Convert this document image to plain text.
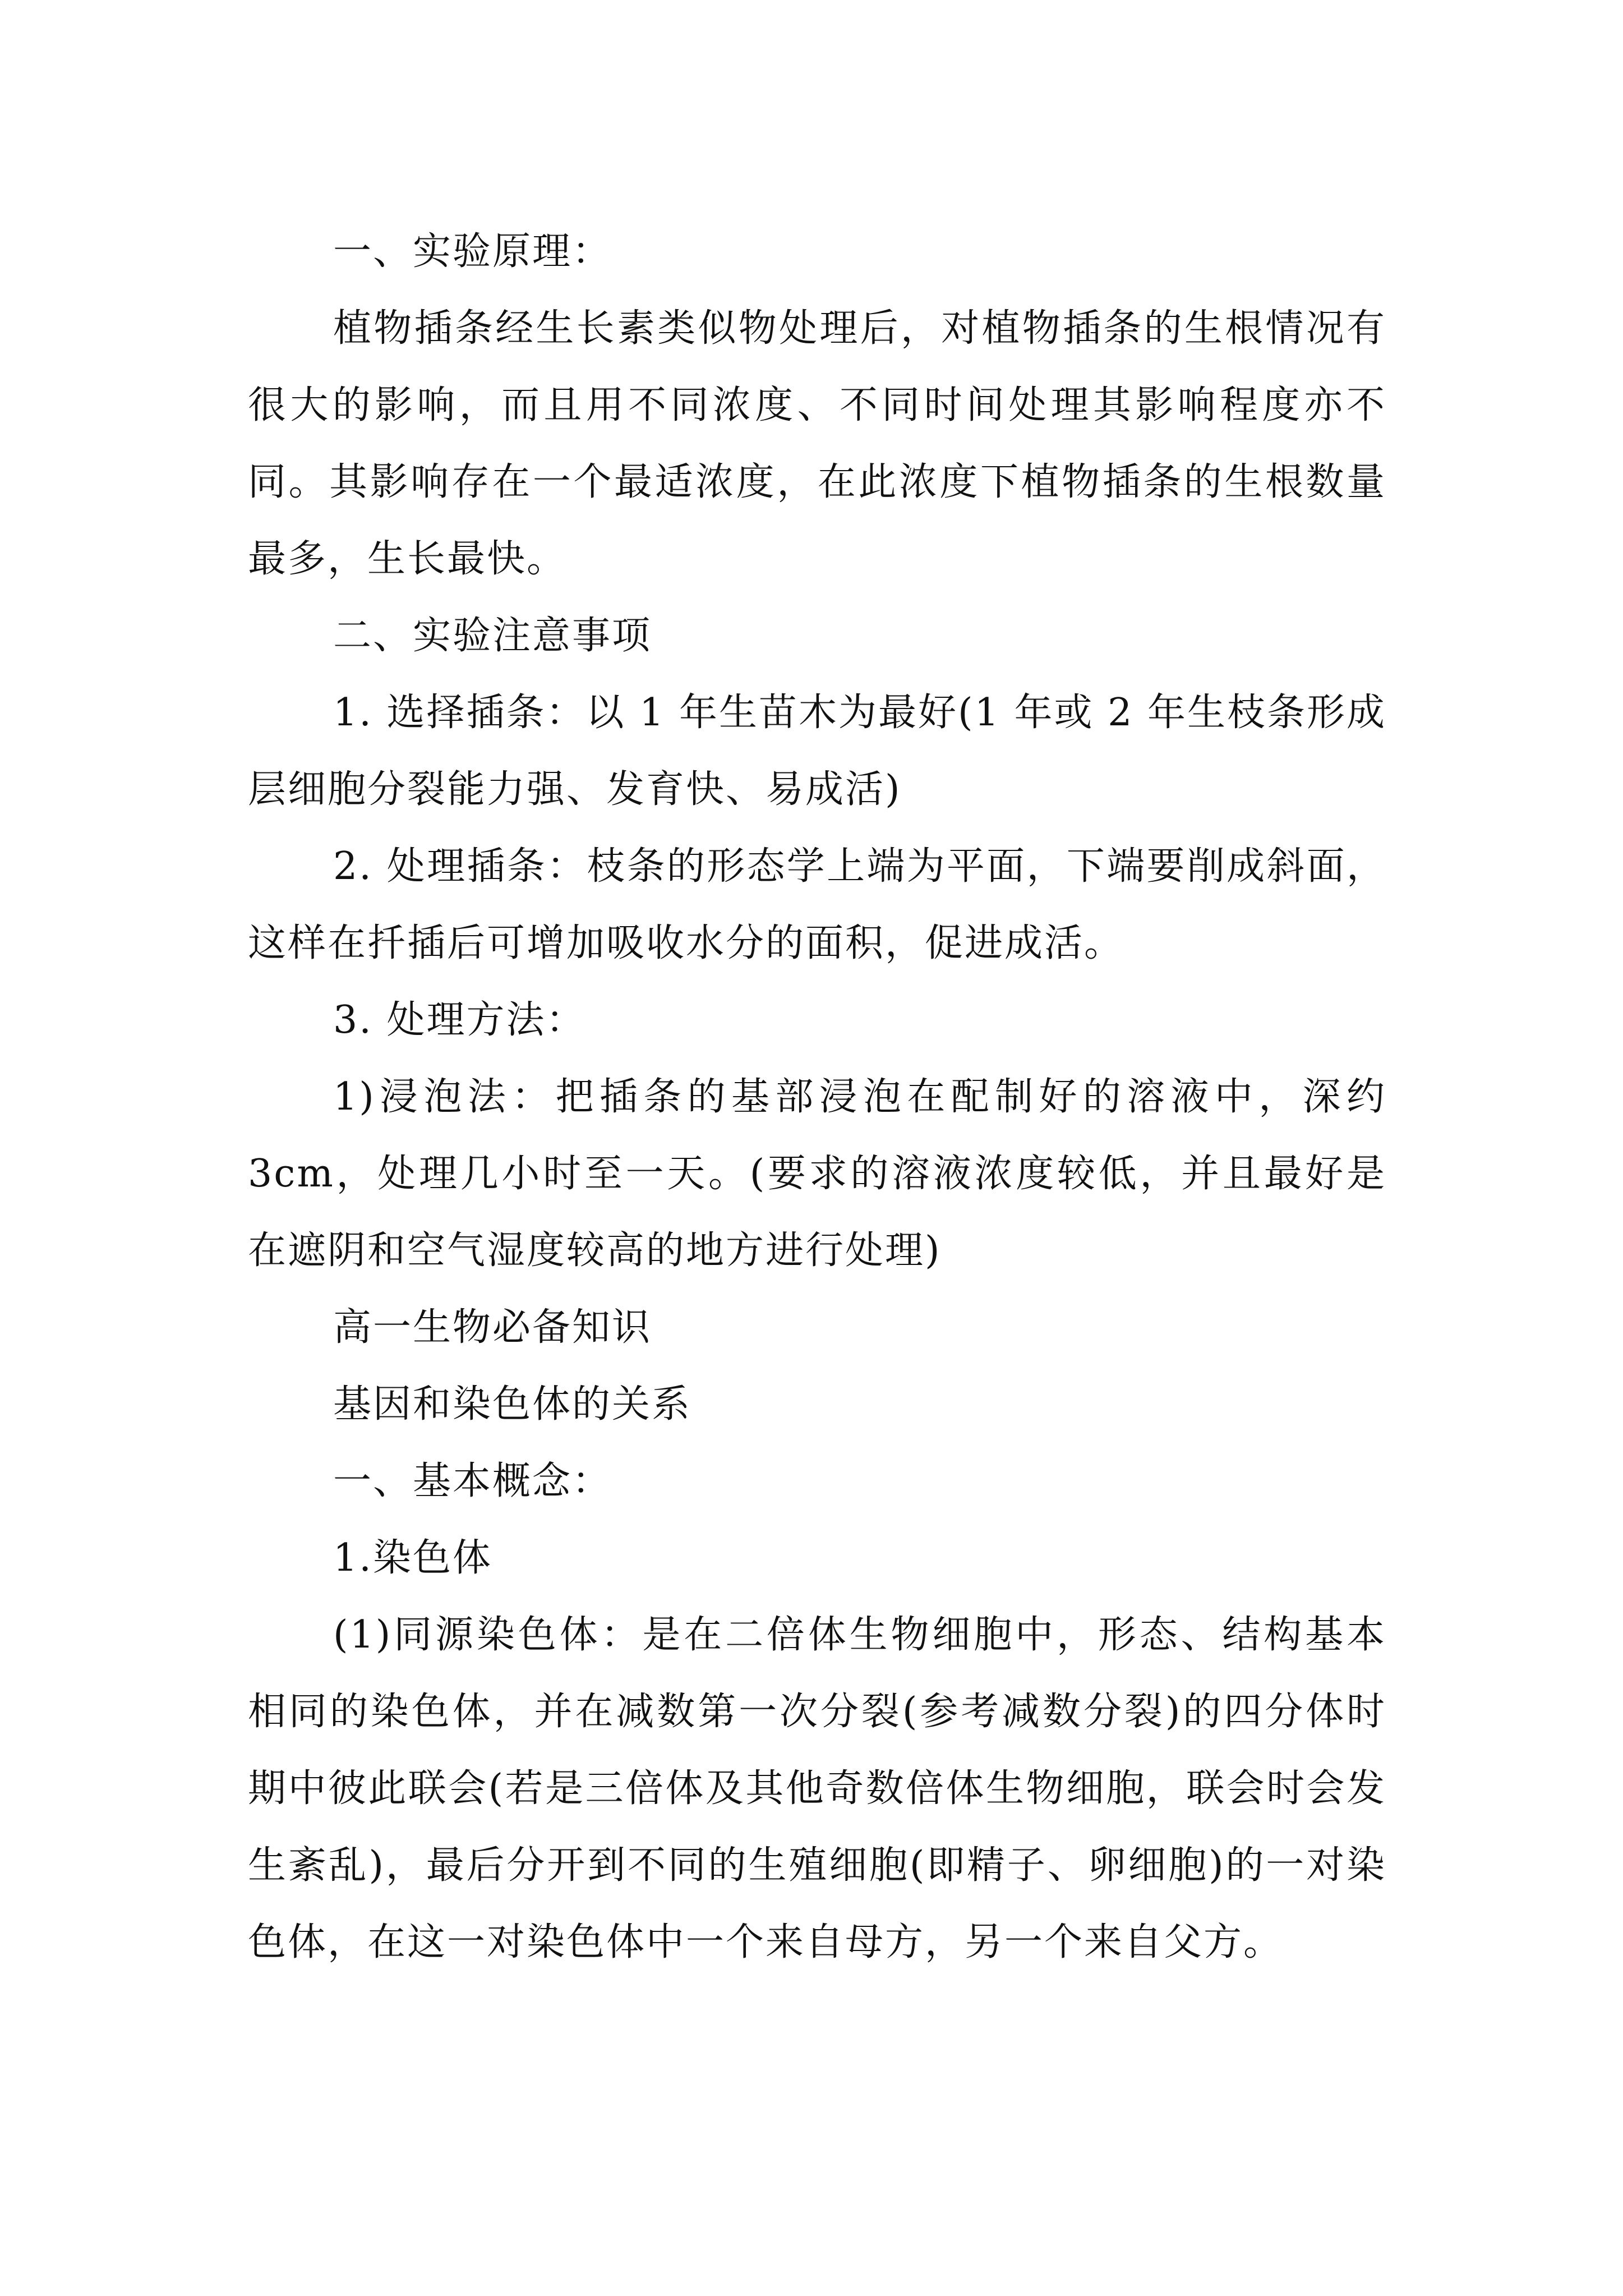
一、实验原理：

植物插条经生长素类似物处理后，对植物插条的生根情况有很大的影响，而且用不同浓度、不同时间处理其影响程度亦不同。其影响存在一个最适浓度，在此浓度下植物插条的生根数量最多，生长最快。

二、实验注意事项

1. 选择插条：以 1 年生苗木为最好(1 年或 2 年生枝条形成层细胞分裂能力强、发育快、易成活)

2. 处理插条：枝条的形态学上端为平面，下端要削成斜面，这样在扦插后可增加吸收水分的面积，促进成活。

3. 处理方法：

1)浸泡法：把插条的基部浸泡在配制好的溶液中，深约3cm，处理几小时至一天。(要求的溶液浓度较低，并且最好是在遮阴和空气湿度较高的地方进行处理)

高一生物必备知识

基因和染色体的关系

一、基本概念：

1.染色体

(1)同源染色体：是在二倍体生物细胞中，形态、结构基本相同的染色体，并在减数第一次分裂(参考减数分裂)的四分体时期中彼此联会(若是三倍体及其他奇数倍体生物细胞，联会时会发生紊乱)，最后分开到不同的生殖细胞(即精子、卵细胞)的一对染色体，在这一对染色体中一个来自母方，另一个来自父方。
